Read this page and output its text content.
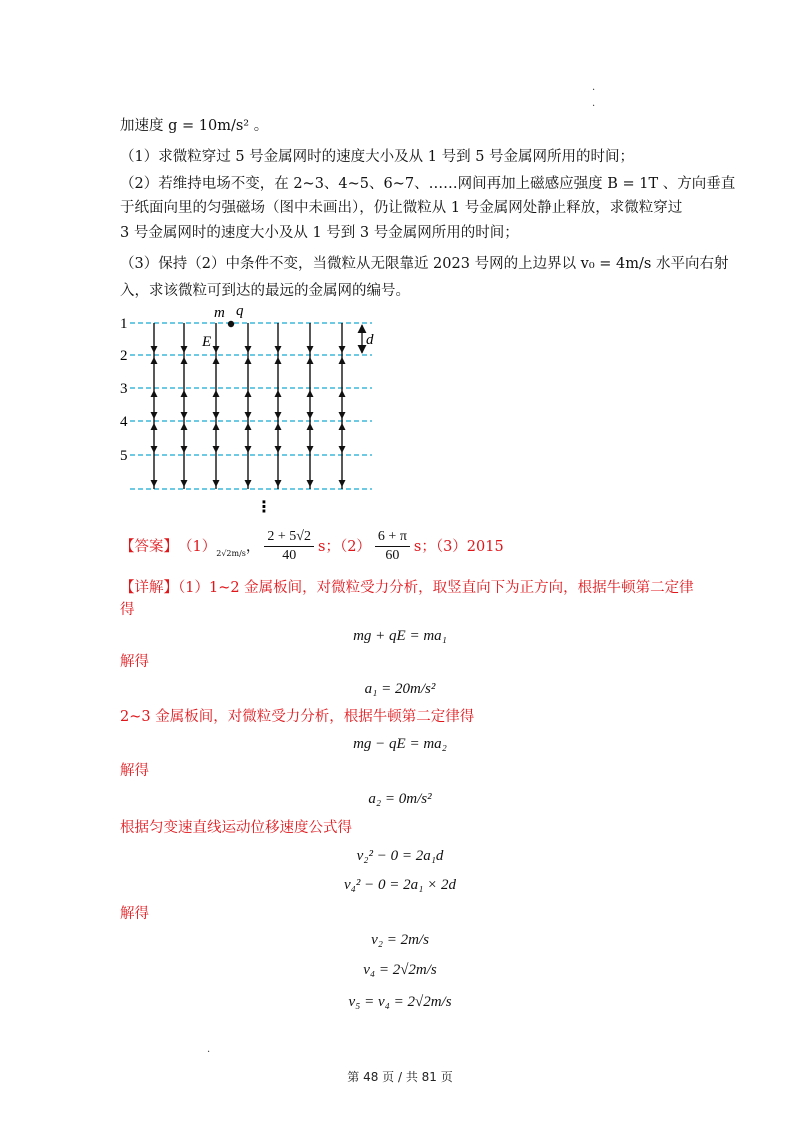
.
.
加速度 g = 10m/s² 。
（1）求微粒穿过 5 号金属网时的速度大小及从 1 号到 5 号金属网所用的时间；
（2）若维持电场不变，在 2~3、4~5、6~7、……网间再加上磁感应强度 B = 1T 、方向垂直
于纸面向里的匀强磁场（图中未画出），仍让微粒从 1 号金属网处静止释放，求微粒穿过
3 号金属网时的速度大小及从 1 号到 3 号金属网所用的时间；
（3）保持（2）中条件不变，当微粒从无限靠近 2023 号网的上边界以 v₀ = 4m/s 水平向右射
入，求该微粒可到达的最远的金属网的编号。
1
2
3
4
5
m q
E	d
⋮
【答案】 （1） 2√2m/s ， $\frac{2 + 5√2}{40}$ s；$(2) \frac{6 + \pi}{60}$ s；（3）2015
【详解】（1）1~2 金属板间，对微粒受力分析，取竖直向下为正方向，根据牛顿第二定律
得
mg + qE = ma₁
解得
a₁ = 20m/s²
2~3 金属板间，对微粒受力分析，根据牛顿第二定律得
mg − qE = ma₂
解得
a₂ = 0m/s²
根据匀变速直线运动位移速度公式得
v₂² − 0 = 2a₁d
v₄² − 0 = 2a₁ × 2d
解得
v₂ = 2m/s
v₄ = 2√2m/s
v₅ = v₄ = 2√2m/s
.
第 48 页 / 共 81 页
